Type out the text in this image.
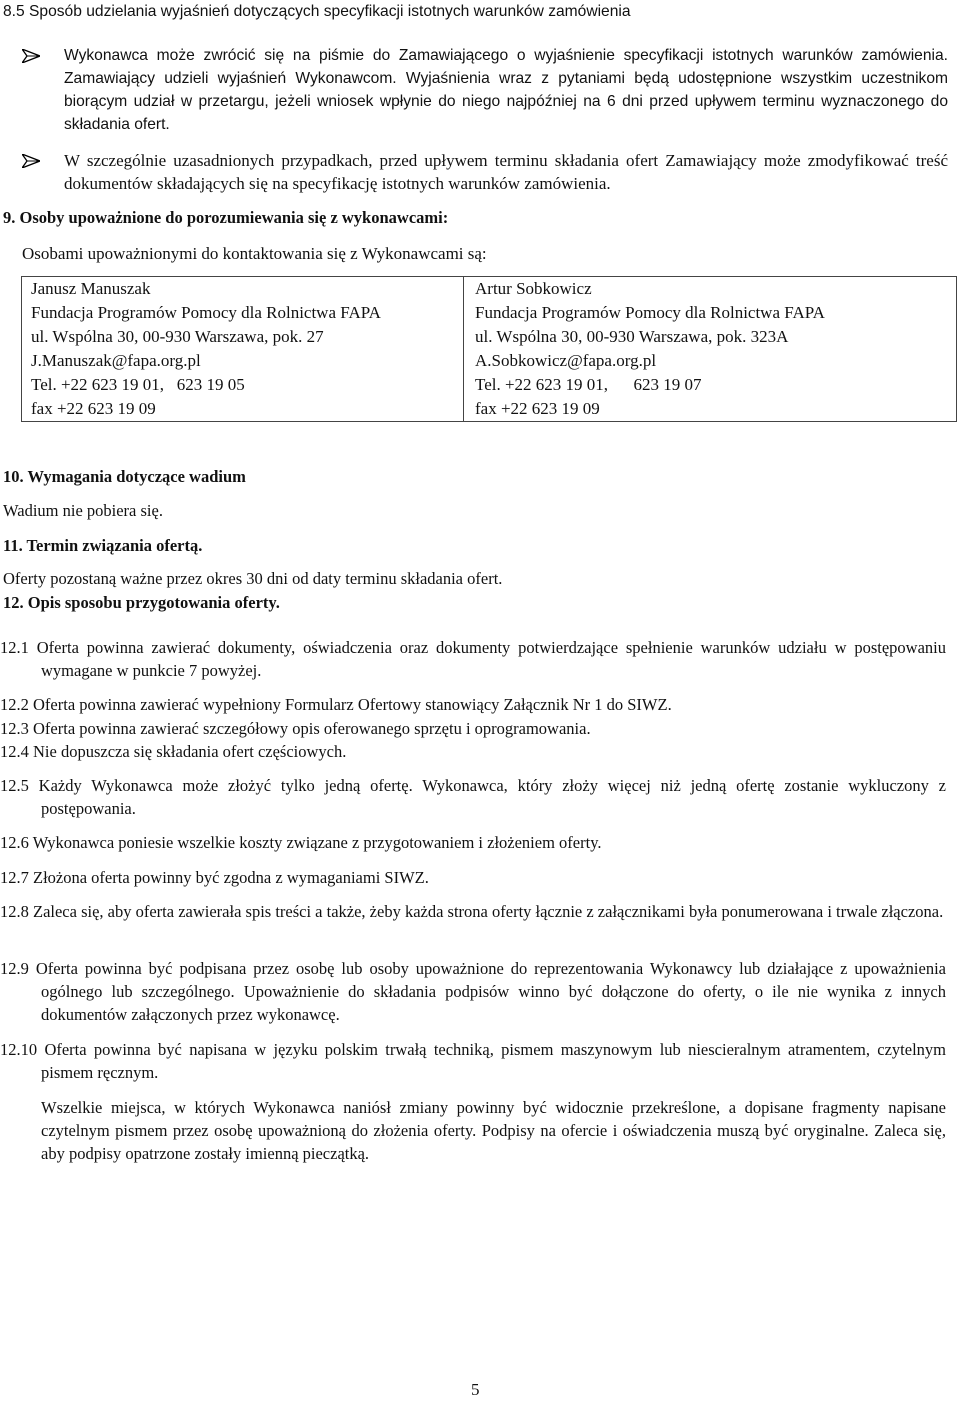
8.5 Sposób udzielania wyjaśnień dotyczących specyfikacji istotnych warunków zamówienia
Wykonawca może zwrócić się na piśmie do Zamawiającego o wyjaśnienie specyfikacji istotnych warunków zamówienia. Zamawiający udzieli wyjaśnień Wykonawcom. Wyjaśnienia wraz z pytaniami będą udostępnione wszystkim uczestnikom biorącym udział w przetargu, jeżeli wniosek wpłynie do niego najpóźniej na 6 dni przed upływem terminu wyznaczonego do składania ofert.
W szczególnie uzasadnionych przypadkach, przed upływem terminu składania ofert Zamawiający może zmodyfikować treść dokumentów składających się na specyfikację istotnych warunków zamówienia.
9. Osoby upoważnione do porozumiewania się z wykonawcami:
Osobami upoważnionymi do kontaktowania się z Wykonawcami są:
Janusz Manuszak
Fundacja Programów Pomocy dla Rolnictwa FAPA
ul. Wspólna 30, 00-930 Warszawa, pok. 27
J.Manuszak@fapa.org.pl
Tel. +22 623 19 01,   623 19 05
fax +22 623 19 09

Artur Sobkowicz
Fundacja Programów Pomocy dla Rolnictwa FAPA
ul. Wspólna 30, 00-930 Warszawa, pok. 323A
A.Sobkowicz@fapa.org.pl
Tel. +22 623 19 01,      623 19 07
fax +22 623 19 09
10. Wymagania dotyczące wadium
Wadium nie pobiera się.
11. Termin związania ofertą.
Oferty pozostaną ważne przez okres 30 dni od daty terminu składania ofert.
12. Opis sposobu przygotowania oferty.
12.1 Oferta powinna zawierać dokumenty, oświadczenia oraz dokumenty potwierdzające spełnienie warunków udziału w postępowaniu wymagane w punkcie 7 powyżej.
12.2 Oferta powinna zawierać wypełniony Formularz Ofertowy stanowiący Załącznik Nr 1 do SIWZ.
12.3 Oferta powinna zawierać szczegółowy opis oferowanego sprzętu i oprogramowania.
12.4 Nie dopuszcza się składania ofert częściowych.
12.5 Każdy Wykonawca może złożyć tylko jedną ofertę. Wykonawca, który złoży więcej niż jedną ofertę zostanie wykluczony z postępowania.
12.6 Wykonawca poniesie wszelkie koszty związane z przygotowaniem i złożeniem oferty.
12.7 Złożona oferta powinny być zgodna z wymaganiami SIWZ.
12.8 Zaleca się, aby oferta zawierała spis treści a także, żeby każda strona oferty łącznie z załącznikami była ponumerowana i trwale złączona.
12.9 Oferta powinna być podpisana przez osobę lub osoby upoważnione do reprezentowania Wykonawcy lub działające z upoważnienia ogólnego lub szczególnego. Upoważnienie do składania podpisów winno być dołączone do oferty, o ile nie wynika z innych dokumentów załączonych przez wykonawcę.
12.10 Oferta powinna być napisana w języku polskim trwałą techniką, pismem maszynowym lub niescieralnym atramentem, czytelnym pismem ręcznym.
Wszelkie miejsca, w których Wykonawca naniósł zmiany powinny być widocznie przekreślone, a dopisane fragmenty napisane czytelnym pismem przez osobę upoważnioną do złożenia oferty. Podpisy na ofercie i oświadczenia muszą być oryginalne. Zaleca się, aby podpisy opatrzone zostały imienną pieczątką.
5
